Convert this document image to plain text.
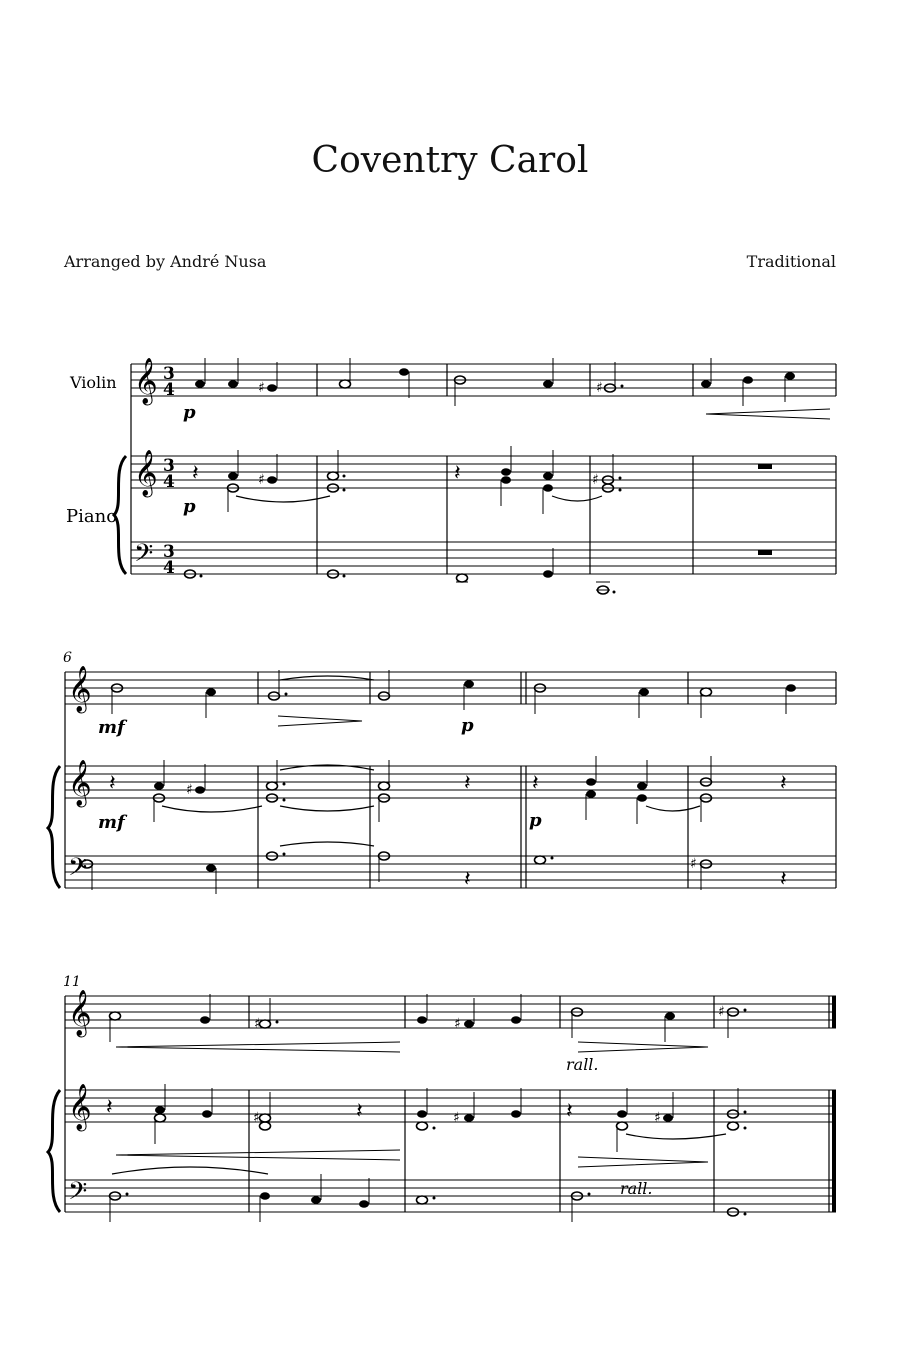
Coventry Carol
Arranged by André Nusa	Traditional
𝄞
𝄞
𝄢
3
4
3
4
3
4
♯	♯
p
𝄽	♯	𝄽	♯
p
6
𝄞
𝄞
𝄢
mf	p
𝄽	♯	𝄽	𝄽	𝄽
mf	p
𝄽
♯
𝄽
11
𝄞
𝄞
𝄢
♯	♯
♯
rall.
𝄽	♯	𝄽	♯	𝄽	♯
rall.
Violin
Piano
